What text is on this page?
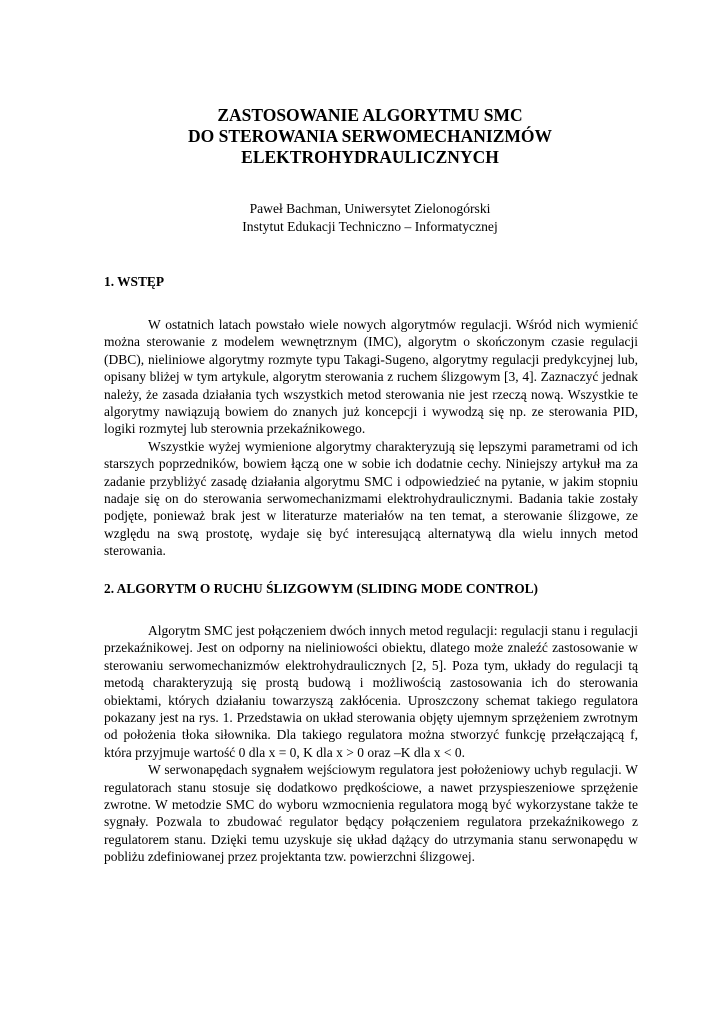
ZASTOSOWANIE ALGORYTMU SMC
DO STEROWANIA SERWOMECHANIZMÓW
ELEKTROHYDRAULICZNYCH
Paweł Bachman, Uniwersytet Zielonogórski
Instytut Edukacji Techniczno – Informatycznej
1. WSTĘP

W ostatnich latach powstało wiele nowych algorytmów regulacji. Wśród nich wymienić można sterowanie z modelem wewnętrznym (IMC), algorytm o skończonym czasie regulacji (DBC), nieliniowe algorytmy rozmyte typu Takagi-Sugeno, algorytmy regulacji predykcyjnej lub, opisany bliżej w tym artykule, algorytm sterowania z ruchem ślizgowym [3, 4]. Zaznaczyć jednak należy, że zasada działania tych wszystkich metod sterowania nie jest rzeczą nową. Wszystkie te algorytmy nawiązują bowiem do znanych już koncepcji i wywodzą się np. ze sterowania PID, logiki rozmytej lub sterownia przekaźnikowego.

Wszystkie wyżej wymienione algorytmy charakteryzują się lepszymi parametrami od ich starszych poprzedników, bowiem łączą one w sobie ich dodatnie cechy. Niniejszy artykuł ma za zadanie przybliżyć zasadę działania algorytmu SMC i odpowiedzieć na pytanie, w jakim stopniu nadaje się on do sterowania serwomechanizmami elektrohydraulicznymi. Badania takie zostały podjęte, ponieważ brak jest w literaturze materiałów na ten temat, a sterowanie ślizgowe, ze względu na swą prostotę, wydaje się być interesującą alternatywą dla wielu innych metod sterowania.

2. ALGORYTM O RUCHU ŚLIZGOWYM (SLIDING MODE CONTROL)

Algorytm SMC jest połączeniem dwóch innych metod regulacji: regulacji stanu i regulacji przekaźnikowej. Jest on odporny na nieliniowości obiektu, dlatego może znaleźć zastosowanie w sterowaniu serwomechanizmów elektrohydraulicznych [2, 5]. Poza tym, układy do regulacji tą metodą charakteryzują się prostą budową i możliwością zastosowania ich do sterowania obiektami, których działaniu towarzyszą zakłócenia. Uproszczony schemat takiego regulatora pokazany jest na rys. 1. Przedstawia on układ sterowania objęty ujemnym sprzężeniem zwrotnym od położenia tłoka siłownika. Dla takiego regulatora można stworzyć funkcję przełączającą f, która przyjmuje wartość 0 dla x = 0, K dla x > 0 oraz –K dla x < 0.

W serwonapędach sygnałem wejściowym regulatora jest położeniowy uchyb regulacji. W regulatorach stanu stosuje się dodatkowo prędkościowe, a nawet przyspieszeniowe sprzężenie zwrotne. W metodzie SMC do wyboru wzmocnienia regulatora mogą być wykorzystane także te sygnały. Pozwala to zbudować regulator będący połączeniem regulatora przekaźnikowego z regulatorem stanu. Dzięki temu uzyskuje się układ dążący do utrzymania stanu serwonapędu w pobliżu zdefiniowanej przez projektanta tzw. powierzchni ślizgowej.
